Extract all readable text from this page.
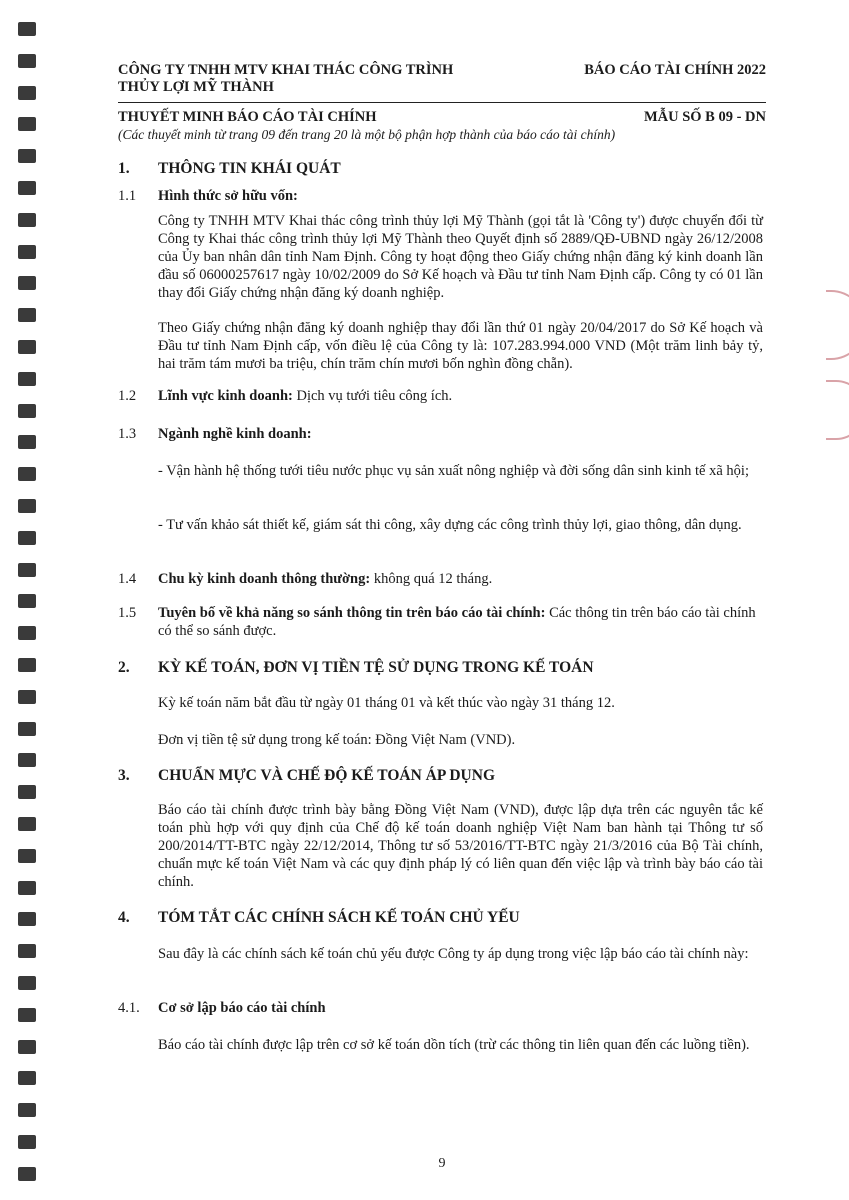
CÔNG TY TNHH MTV KHAI THÁC CÔNG TRÌNH
THỦY LỢI MỸ THÀNH
BÁO CÁO TÀI CHÍNH 2022
THUYẾT MINH BÁO CÁO TÀI CHÍNH	MẪU SỐ B 09 - DN
(Các thuyết minh từ trang 09 đến trang 20 là một bộ phận hợp thành của báo cáo tài chính)
1. THÔNG TIN KHÁI QUÁT
1.1 Hình thức sở hữu vốn:
Công ty TNHH MTV Khai thác công trình thủy lợi Mỹ Thành (gọi tắt là 'Công ty') được chuyển đổi từ Công ty Khai thác công trình thủy lợi Mỹ Thành theo Quyết định số 2889/QĐ-UBND ngày 26/12/2008 của Ủy ban nhân dân tỉnh Nam Định. Công ty hoạt động theo Giấy chứng nhận đăng ký kinh doanh lần đầu số 06000257617 ngày 10/02/2009 do Sở Kế hoạch và Đầu tư tỉnh Nam Định cấp. Công ty có 01 lần thay đổi Giấy chứng nhận đăng ký doanh nghiệp.
Theo Giấy chứng nhận đăng ký doanh nghiệp thay đổi lần thứ 01 ngày 20/04/2017 do Sở Kế hoạch và Đầu tư tỉnh Nam Định cấp, vốn điều lệ của Công ty là: 107.283.994.000 VND (Một trăm linh bảy tỷ, hai trăm tám mươi ba triệu, chín trăm chín mươi bốn nghìn đồng chẵn).
1.2 Lĩnh vực kinh doanh: Dịch vụ tưới tiêu công ích.
1.3 Ngành nghề kinh doanh:
- Vận hành hệ thống tưới tiêu nước phục vụ sản xuất nông nghiệp và đời sống dân sinh kinh tế xã hội;
- Tư vấn khảo sát thiết kế, giám sát thi công, xây dựng các công trình thủy lợi, giao thông, dân dụng.
1.4 Chu kỳ kinh doanh thông thường: không quá 12 tháng.
1.5 Tuyên bố về khả năng so sánh thông tin trên báo cáo tài chính: Các thông tin trên báo cáo tài chính có thể so sánh được.
2. KỲ KẾ TOÁN, ĐƠN VỊ TIỀN TỆ SỬ DỤNG TRONG KẾ TOÁN
Kỳ kế toán năm bắt đầu từ ngày 01 tháng 01 và kết thúc vào ngày 31 tháng 12.
Đơn vị tiền tệ sử dụng trong kế toán: Đồng Việt Nam (VND).
3. CHUẨN MỰC VÀ CHẾ ĐỘ KẾ TOÁN ÁP DỤNG
Báo cáo tài chính được trình bày bằng Đồng Việt Nam (VND), được lập dựa trên các nguyên tắc kế toán phù hợp với quy định của Chế độ kế toán doanh nghiệp Việt Nam ban hành tại Thông tư số 200/2014/TT-BTC ngày 22/12/2014, Thông tư số 53/2016/TT-BTC ngày 21/3/2016 của Bộ Tài chính, chuẩn mực kế toán Việt Nam và các quy định pháp lý có liên quan đến việc lập và trình bày báo cáo tài chính.
4. TÓM TẮT CÁC CHÍNH SÁCH KẾ TOÁN CHỦ YẾU
Sau đây là các chính sách kế toán chủ yếu được Công ty áp dụng trong việc lập báo cáo tài chính này:
4.1. Cơ sở lập báo cáo tài chính
Báo cáo tài chính được lập trên cơ sở kế toán dồn tích (trừ các thông tin liên quan đến các luồng tiền).
9
